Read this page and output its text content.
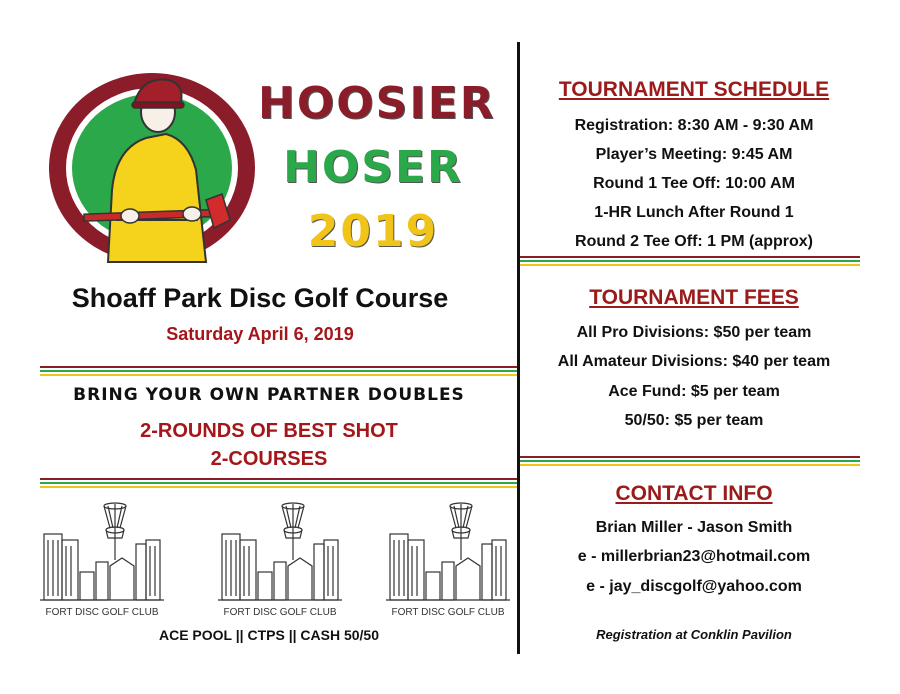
HOOSIER
HOSER
2019
Shoaff Park Disc Golf Course
Saturday April 6, 2019
BRING YOUR OWN PARTNER DOUBLES
2-ROUNDS OF BEST SHOT
2-COURSES
FORT DISC GOLF CLUB	FORT DISC GOLF CLUB	FORT DISC GOLF CLUB
ACE POOL || CTPS || CASH 50/50
TOURNAMENT SCHEDULE
Registration: 8:30 AM - 9:30 AM
Player’s Meeting: 9:45 AM
Round 1 Tee Off: 10:00 AM
1-HR Lunch After Round 1
Round 2 Tee Off: 1 PM (approx)
TOURNAMENT FEES
All Pro Divisions: $50 per team
All Amateur Divisions: $40 per team
Ace Fund: $5 per team
50/50: $5 per team
CONTACT INFO
Brian Miller - Jason Smith
e - millerbrian23@hotmail.com
e - jay_discgolf@yahoo.com
Registration at Conklin Pavilion
